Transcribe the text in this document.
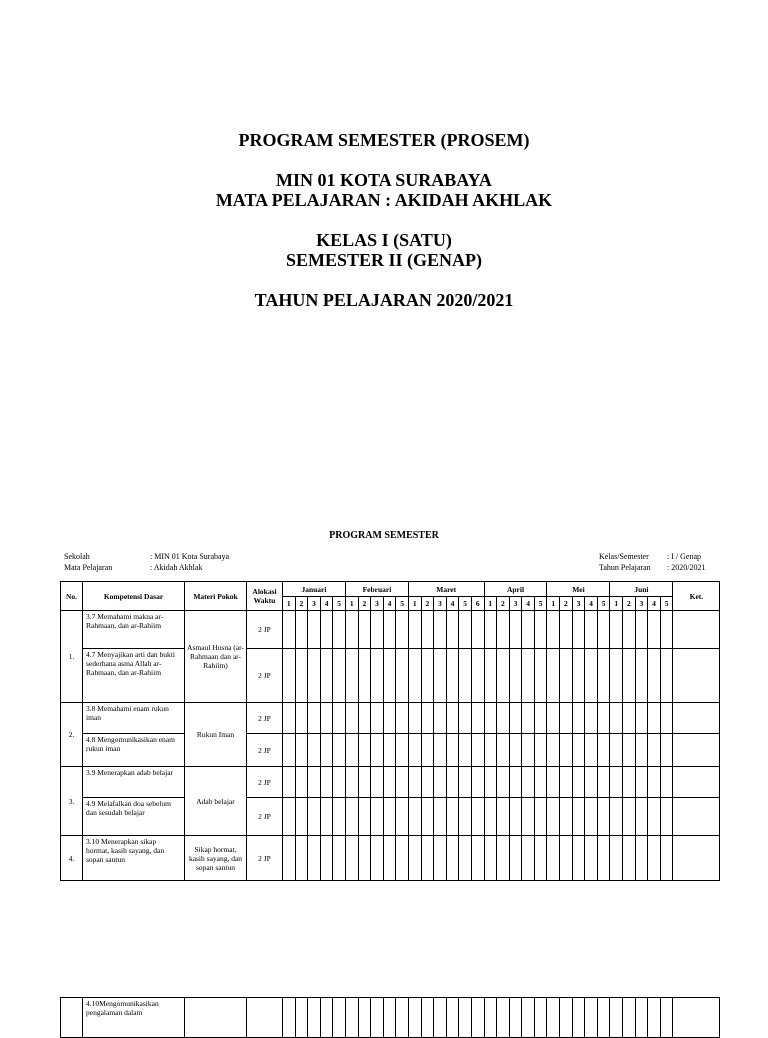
PROGRAM SEMESTER (PROSEM)
MIN 01 KOTA SURABAYA
MATA PELAJARAN : AKIDAH AKHLAK
KELAS I (SATU)
SEMESTER II (GENAP)
TAHUN PELAJARAN 2020/2021
PROGRAM SEMESTER
Sekolah	: MIN 01 Kota Surabaya
Mata Pelajaran	: Akidah Akhlak
Kelas/Semester	: I / Genap
Tahun Pelajaran	: 2020/2021
No.	Kompetensi Dasar	Materi Pokok	Alokasi Waktu	Januari					Februari					Maret						April					Mei					Juni					Ket.
				1	2	3	4	5	1	2	3	4	5	1	2	3	4	5	6	1	2	3	4	5	1	2	3	4	5	1	2	3	4	5	
1.	3.7 Memahami makna ar-Rahmaan, dan ar-Rahiim	Asmaul Husna (ar-Rahmaan dan ar-Rahiim)	2 JP																																
	4.7 Menyajikan arti dan bukti sederhana asma Allah ar-Rahmaan, dan ar-Rahiim		2 JP																																
2.	3.8 Memahami enam rukun iman	Rukun Iman	2 JP																																
	4.8 Mengomunikasikan enam rukun iman		2 JP																																
3.	3.9 Menerapkan adab belajar	Adab belajar	2 JP																																
	4.9 Melafalkan doa sebelum dan sesudah belajar		2 JP																																
4.	3.10 Menerapkan sikap hormat, kasih sayang, dan sopan santun	Sikap hormat, kasih sayang, dan sopan santun	2 JP																																
	4.10Mengomunikasikan pengalaman dalam																																		
